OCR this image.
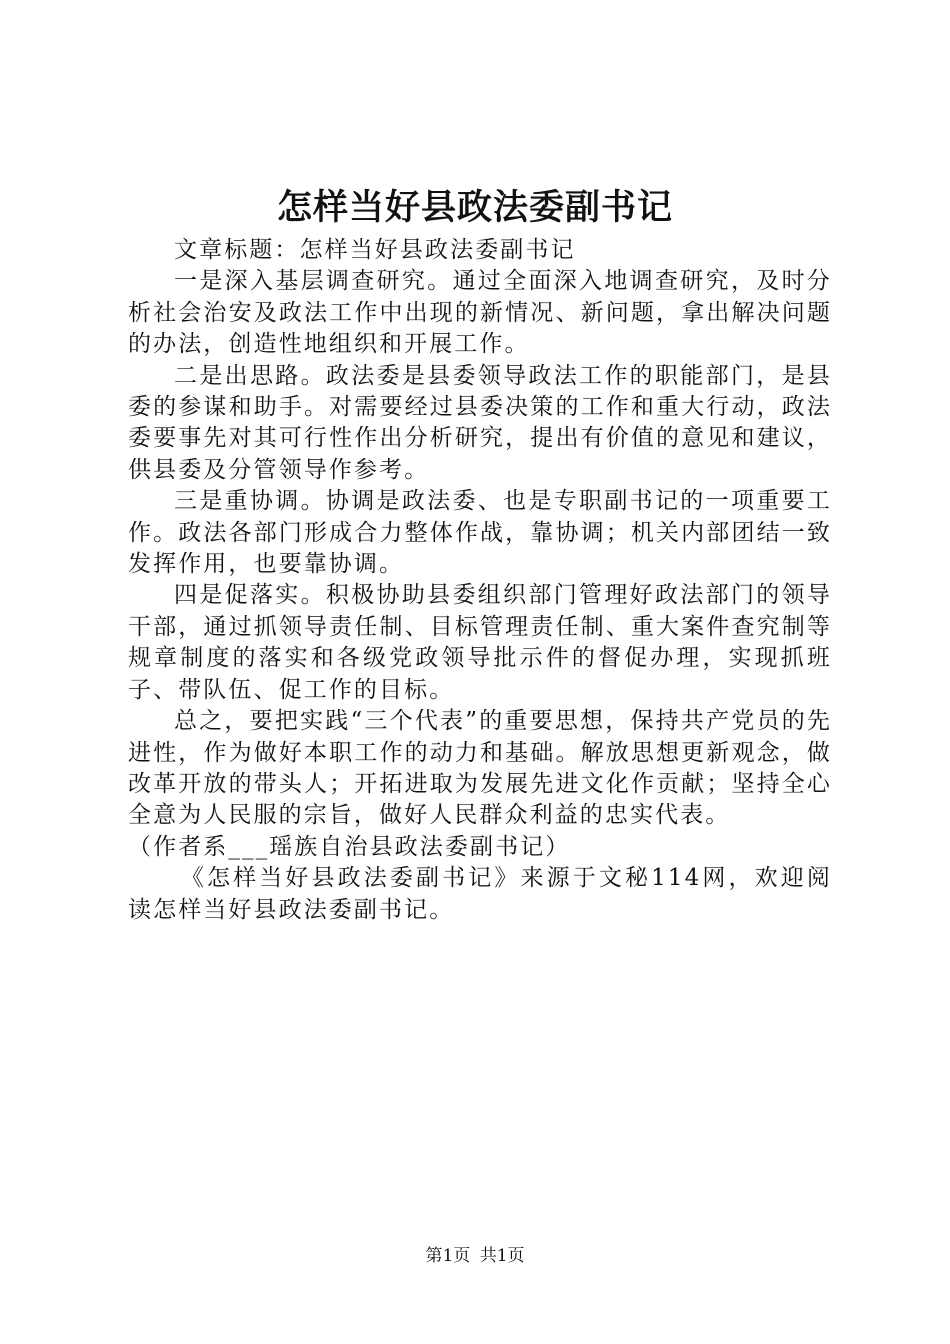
怎样当好县政法委副书记

文章标题：怎样当好县政法委副书记

一是深入基层调查研究。通过全面深入地调查研究，及时分析社会治安及政法工作中出现的新情况、新问题，拿出解决问题的办法，创造性地组织和开展工作。

二是出思路。政法委是县委领导政法工作的职能部门，是县委的参谋和助手。对需要经过县委决策的工作和重大行动，政法委要事先对其可行性作出分析研究，提出有价值的意见和建议，供县委及分管领导作参考。

三是重协调。协调是政法委、也是专职副书记的一项重要工作。政法各部门形成合力整体作战，靠协调；机关内部团结一致发挥作用，也要靠协调。

四是促落实。积极协助县委组织部门管理好政法部门的领导干部，通过抓领导责任制、目标管理责任制、重大案件查究制等规章制度的落实和各级党政领导批示件的督促办理，实现抓班子、带队伍、促工作的目标。

总之，要把实践“三个代表”的重要思想，保持共产党员的先进性，作为做好本职工作的动力和基础。解放思想更新观念，做改革开放的带头人；开拓进取为发展先进文化作贡献；坚持全心全意为人民服的宗旨，做好人民群众利益的忠实代表。

（作者系___瑶族自治县政法委副书记）

《怎样当好县政法委副书记》来源于文秘114网，欢迎阅读怎样当好县政法委副书记。

第1页 共1页
